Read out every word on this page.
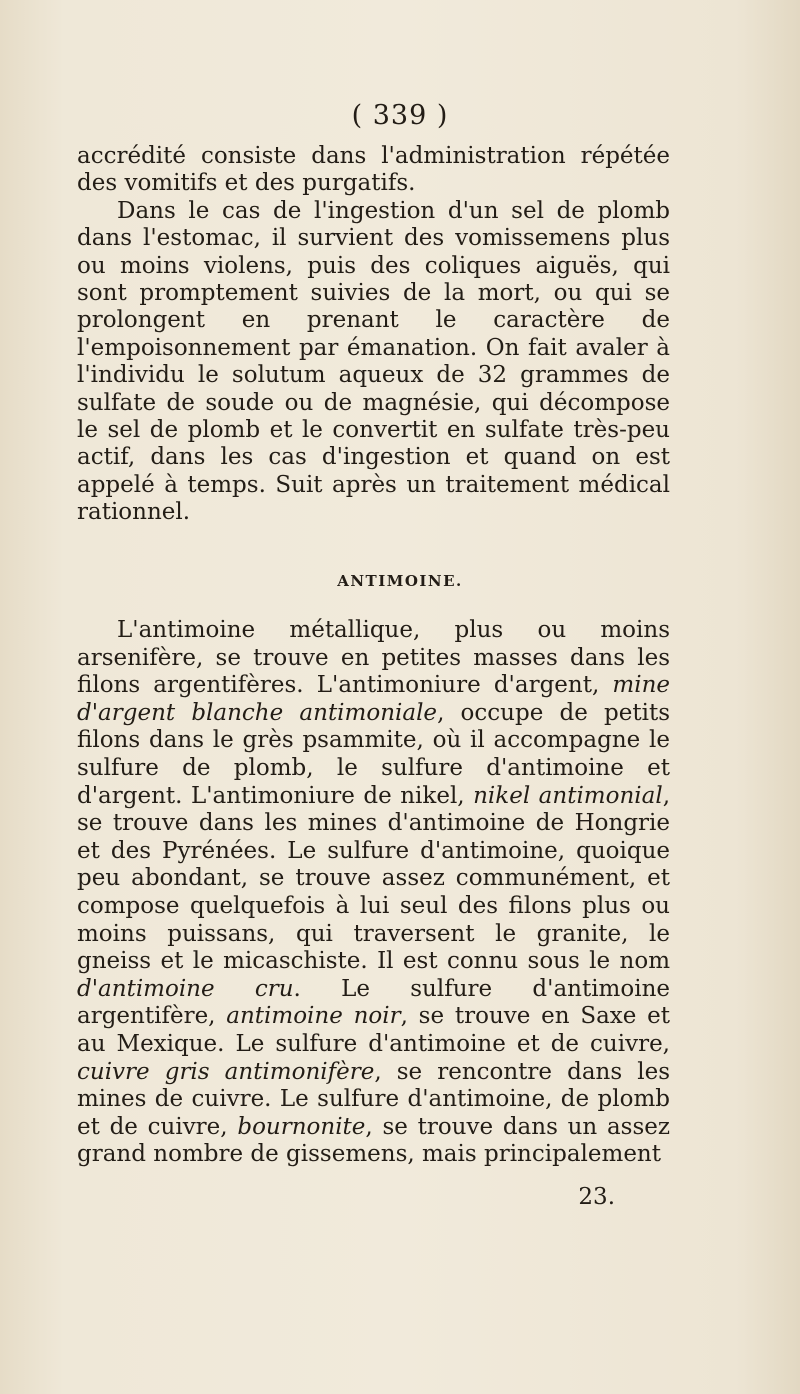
( 339 )

accrédité consiste dans l'administration répétée des vomitifs et des purgatifs.

Dans le cas de l'ingestion d'un sel de plomb dans l'estomac, il survient des vomissemens plus ou moins violens, puis des coliques aiguës, qui sont promptement suivies de la mort, ou qui se prolongent en prenant le caractère de l'empoisonnement par émanation. On fait avaler à l'individu le solutum aqueux de 32 grammes de sulfate de soude ou de magnésie, qui décompose le sel de plomb et le convertit en sulfate très-peu actif, dans les cas d'ingestion et quand on est appelé à temps. Suit après un traitement médical rationnel.

ANTIMOINE.

L'antimoine métallique, plus ou moins arsenifère, se trouve en petites masses dans les filons argentifères. L'antimoniure d'argent, mine d'argent blanche antimoniale, occupe de petits filons dans le grès psammite, où il accompagne le sulfure de plomb, le sulfure d'antimoine et d'argent. L'antimoniure de nikel, nikel antimonial, se trouve dans les mines d'antimoine de Hongrie et des Pyrénées. Le sulfure d'antimoine, quoique peu abondant, se trouve assez communément, et compose quelquefois à lui seul des filons plus ou moins puissans, qui traversent le granite, le gneiss et le micaschiste. Il est connu sous le nom d'antimoine cru. Le sulfure d'antimoine argentifère, antimoine noir, se trouve en Saxe et au Mexique. Le sulfure d'antimoine et de cuivre, cuivre gris antimonifère, se rencontre dans les mines de cuivre. Le sulfure d'antimoine, de plomb et de cuivre, bournonite, se trouve dans un assez grand nombre de gissemens, mais principalement

23.
